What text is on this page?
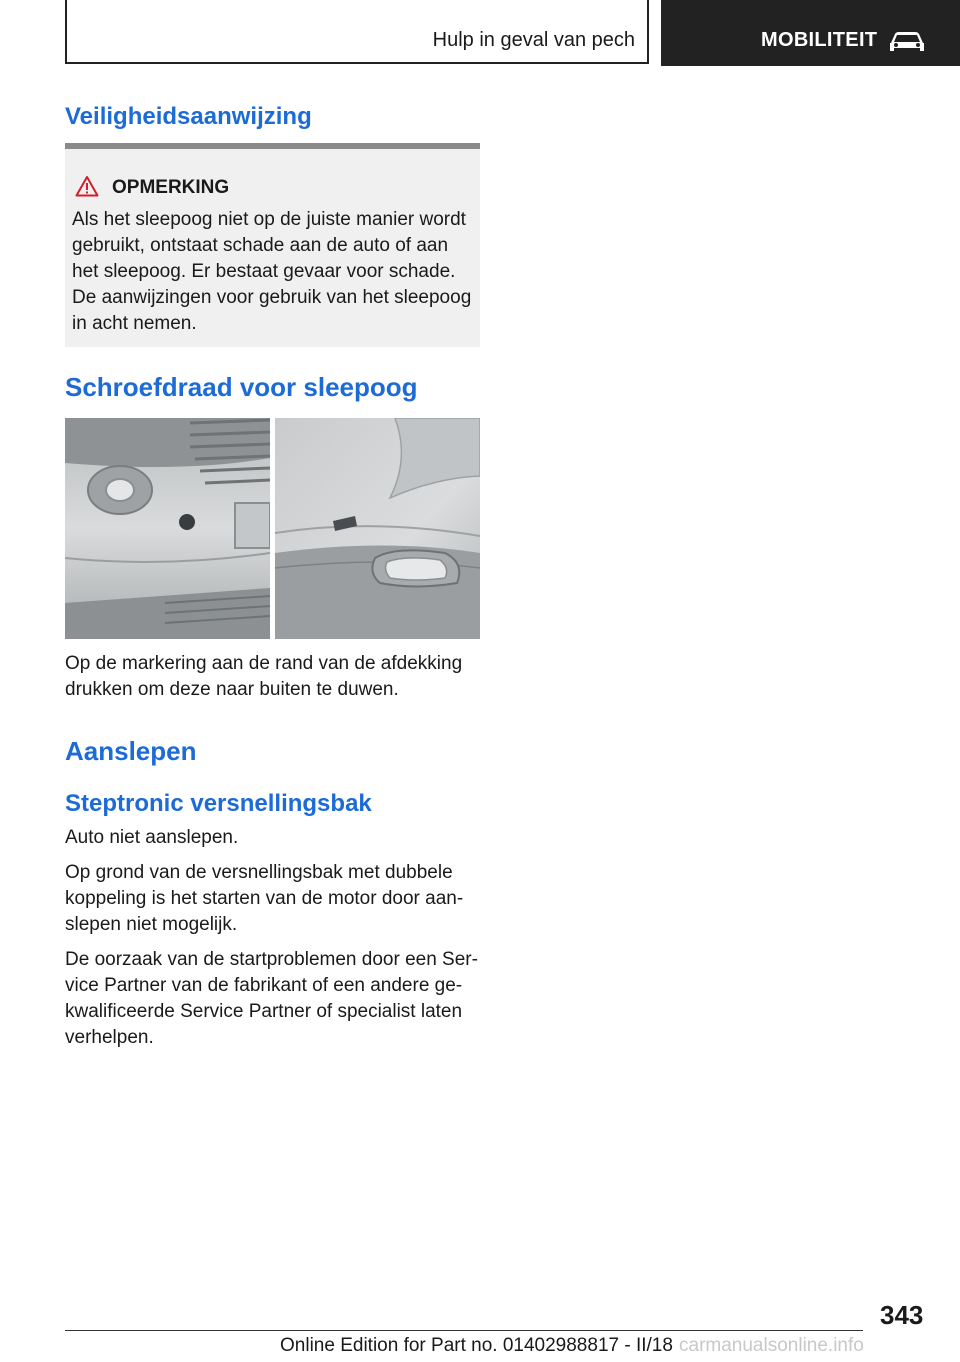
Hulp in geval van pech	MOBILITEIT
Veiligheidsaanwijzing
OPMERKING
Als het sleepoog niet op de juiste manier wordt
gebruikt, ontstaat schade aan de auto of aan
het sleepoog. Er bestaat gevaar voor schade.
De aanwijzingen voor gebruik van het sleepoog
in acht nemen.
Schroefdraad voor sleepoog

Op de markering aan de rand van de afdekking

drukken om deze naar buiten te duwen.

Aanslepen
Steptronic versnellingsbak

Auto niet aanslepen.

Op grond van de versnellingsbak met dubbele

koppeling is het starten van de motor door aan-

slepen niet mogelijk.

De oorzaak van de startproblemen door een Ser-

vice Partner van de fabrikant of een andere ge-

kwalificeerde Service Partner of specialist laten

verhelpen.

343
Online Edition for Part no. 01402988817 - II/18 carmanualsonline.info
